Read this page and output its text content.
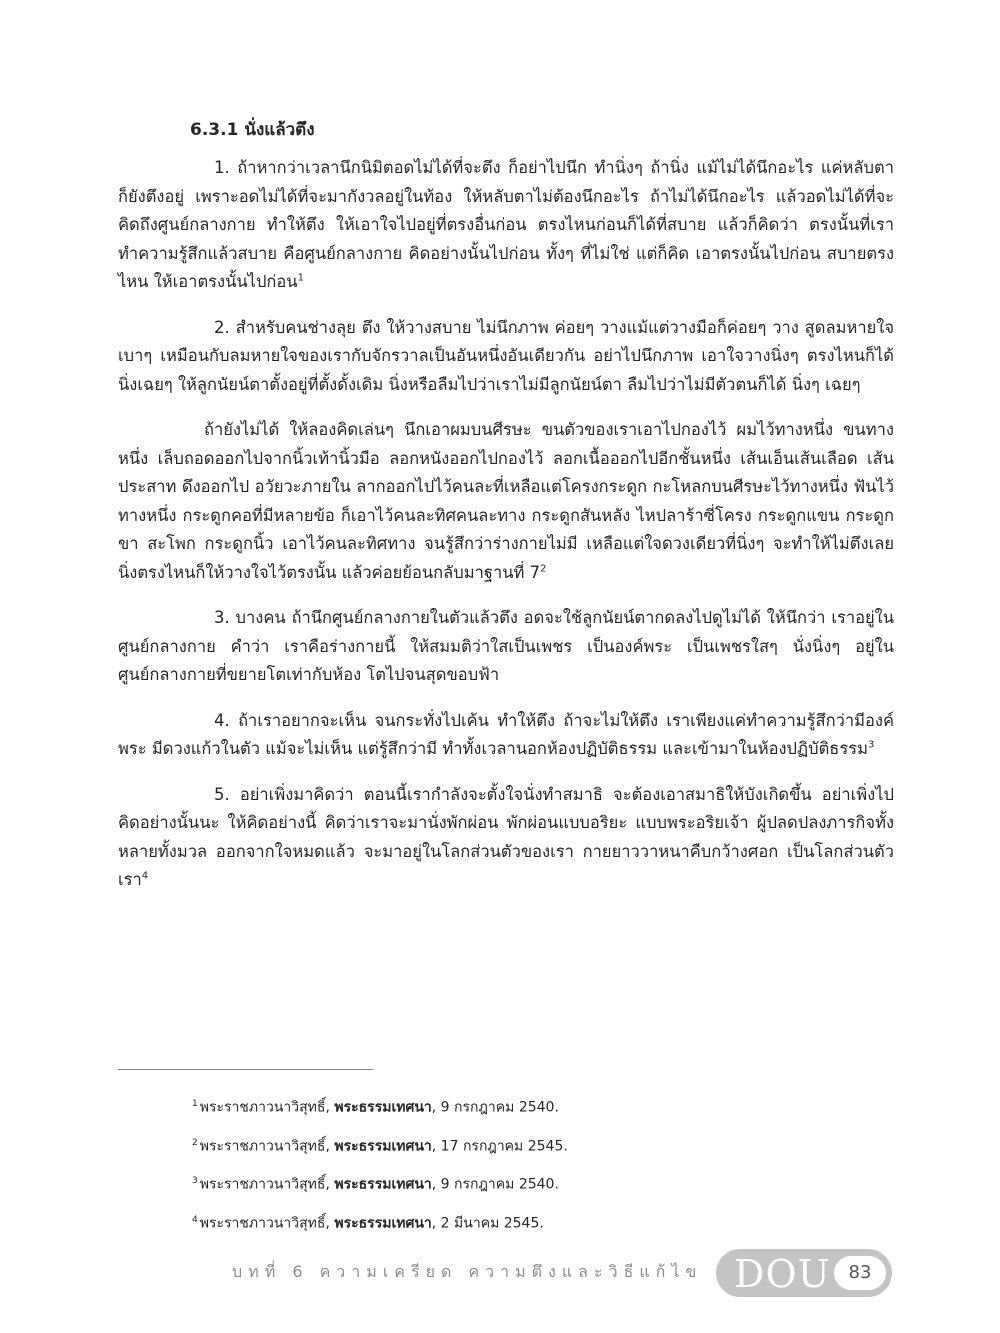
6.3.1 นั่งแล้วตึง

1. ถ้าหากว่าเวลานึกนิมิตอดไม่ได้ที่จะตึง ก็อย่าไปนึก ทำนิ่งๆ ถ้านิ่ง แม้ไม่ได้นึกอะไร แค่หลับตา ก็ยังตึงอยู่ เพราะอดไม่ได้ที่จะมากังวลอยู่ในท้อง ให้หลับตาไม่ต้องนึกอะไร ถ้าไม่ได้นึกอะไร แล้วอดไม่ได้ที่จะคิดถึงศูนย์กลางกาย ทำให้ตึง ให้เอาใจไปอยู่ที่ตรงอื่นก่อน ตรงไหนก่อนก็ได้ที่สบาย แล้วก็คิดว่า ตรงนั้นที่เราทำความรู้สึกแล้วสบาย คือศูนย์กลางกาย คิดอย่างนั้นไปก่อน ทั้งๆ ที่ไม่ใช่ แต่ก็คิด เอาตรงนั้นไปก่อน สบายตรงไหน ให้เอาตรงนั้นไปก่อน$^1$

2. สำหรับคนช่างลุย ตึง ให้วางสบาย ไม่นึกภาพ ค่อยๆ วางแม้แต่วางมือก็ค่อยๆ วาง สูดลมหายใจเบาๆ เหมือนกับลมหายใจของเรากับจักรวาลเป็นอันหนึ่งอันเดียวกัน อย่าไปนึกภาพ เอาใจวางนิ่งๆ ตรงไหนก็ได้ นิ่งเฉยๆ ให้ลูกนัยน์ตาตั้งอยู่ที่ตั้งดั้งเดิม นิ่งหรือลืมไปว่าเราไม่มีลูกนัยน์ตา ลืมไปว่าไม่มีตัวตนก็ได้ นิ่งๆ เฉยๆ

ถ้ายังไม่ได้ ให้ลองคิดเล่นๆ นึกเอาผมบนศีรษะ ขนตัวของเราเอาไปกองไว้ ผมไว้ทางหนึ่ง ขนทางหนึ่ง เล็บถอดออกไปจากนิ้วเท้านิ้วมือ ลอกหนังออกไปกองไว้ ลอกเนื้อออกไปอีกชั้นหนึ่ง เส้นเอ็นเส้นเลือด เส้นประสาท ดึงออกไป อวัยวะภายใน ลากออกไปไว้คนละที่เหลือแต่โครงกระดูก กะโหลกบนศีรษะไว้ทางหนึ่ง ฟันไว้ทางหนึ่ง กระดูกคอที่มีหลายข้อ ก็เอาไว้คนละทิศคนละทาง กระดูกสันหลัง ไหปลาร้าซี่โครง กระดูกแขน กระดูกขา สะโพก กระดูกนิ้ว เอาไว้คนละทิศทาง จนรู้สึกว่าร่างกายไม่มี เหลือแต่ใจดวงเดียวที่นิ่งๆ จะทำให้ไม่ตึงเลย นิ่งตรงไหนก็ให้วางใจไว้ตรงนั้น แล้วค่อยย้อนกลับมาฐานที่ $7^2$

3. บางคน ถ้านึกศูนย์กลางกายในตัวแล้วตึง อดจะใช้ลูกนัยน์ตากดลงไปดูไม่ได้ ให้นึกว่า เราอยู่ในศูนย์กลางกาย คำว่า เราคือร่างกายนี้ ให้สมมติว่าใสเป็นเพชร เป็นองค์พระ เป็นเพชรใสๆ นั่งนิ่งๆ อยู่ในศูนย์กลางกายที่ขยายโตเท่ากับห้อง โตไปจนสุดขอบฟ้า

4. ถ้าเราอยากจะเห็น จนกระทั่งไปเค้น ทำให้ตึง ถ้าจะไม่ให้ตึง เราเพียงแค่ทำความรู้สึกว่ามีองค์พระ มีดวงแก้วในตัว แม้จะไม่เห็น แต่รู้สึกว่ามี ทำทั้งเวลานอกห้องปฏิบัติธรรม และเข้ามาในห้องปฏิบัติธรรม$^3$

5. อย่าเพิ่งมาคิดว่า ตอนนี้เรากำลังจะตั้งใจนั่งทำสมาธิ จะต้องเอาสมาธิให้บังเกิดขึ้น อย่าเพิ่งไปคิดอย่างนั้นนะ ให้คิดอย่างนี้ คิดว่าเราจะมานั่งพักผ่อน พักผ่อนแบบอริยะ แบบพระอริยเจ้า ผู้ปลดปลงภารกิจทั้งหลายทั้งมวล ออกจากใจหมดแล้ว จะมาอยู่ในโลกส่วนตัวของเรา กายยาววาหนาคืบกว้างศอก เป็นโลกส่วนตัวเรา$^4$

$^1$ พระราชภาวนาวิสุทธิ์, พระธรรมเทศนา, 9 กรกฎาคม 2540.
$^2$ พระราชภาวนาวิสุทธิ์, พระธรรมเทศนา, 17 กรกฎาคม 2545.
$^3$ พระราชภาวนาวิสุทธิ์, พระธรรมเทศนา, 9 กรกฎาคม 2540.
$^4$ พระราชภาวนาวิสุทธิ์, พระธรรมเทศนา, 2 มีนาคม 2545.
บทที่ 6 ความเครียด ความตึงและวิธีแก้ไข DOU 83
